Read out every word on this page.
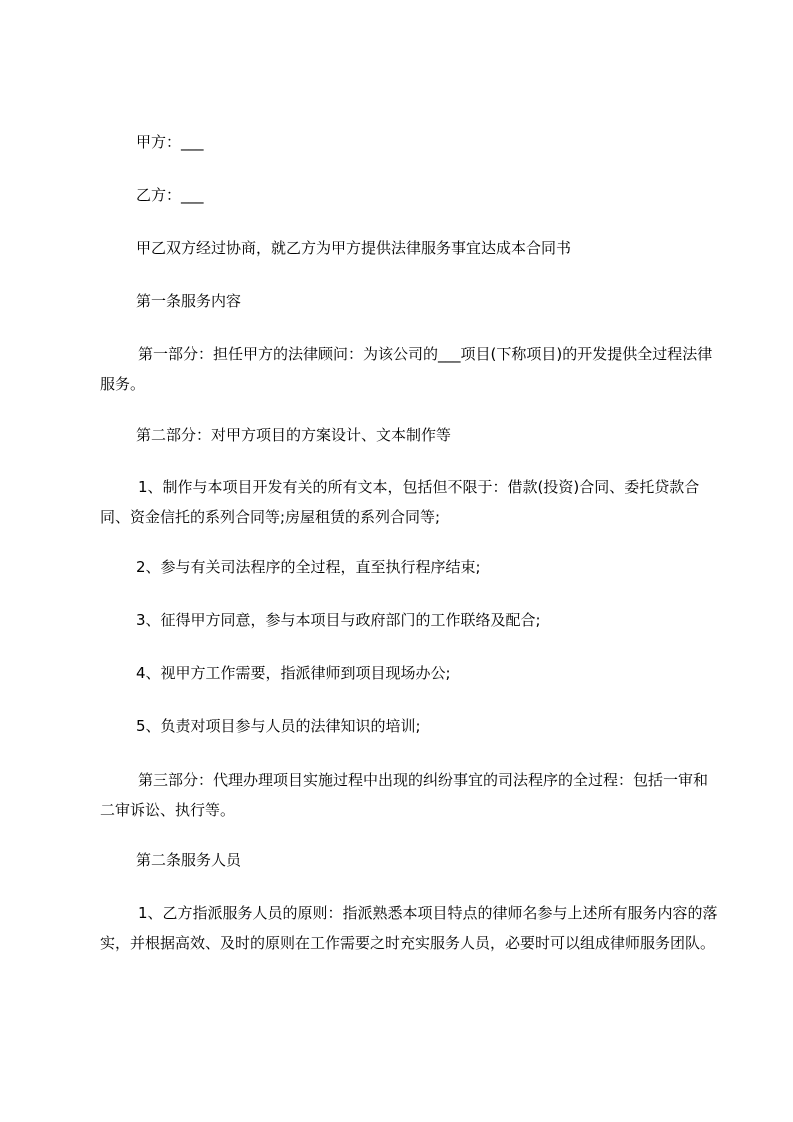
甲方：___

乙方：___

甲乙双方经过协商，就乙方为甲方提供法律服务事宜达成本合同书

第一条服务内容

第一部分：担任甲方的法律顾问：为该公司的___项目(下称项目)的开发提供全过程法律服务。

第二部分：对甲方项目的方案设计、文本制作等

1、制作与本项目开发有关的所有文本，包括但不限于：借款(投资)合同、委托贷款合同、资金信托的系列合同等;房屋租赁的系列合同等;

2、参与有关司法程序的全过程，直至执行程序结束;

3、征得甲方同意，参与本项目与政府部门的工作联络及配合;

4、视甲方工作需要，指派律师到项目现场办公;

5、负责对项目参与人员的法律知识的培训;

第三部分：代理办理项目实施过程中出现的纠纷事宜的司法程序的全过程：包括一审和二审诉讼、执行等。

第二条服务人员

1、乙方指派服务人员的原则：指派熟悉本项目特点的律师名参与上述所有服务内容的落实，并根据高效、及时的原则在工作需要之时充实服务人员，必要时可以组成律师服务团队。
